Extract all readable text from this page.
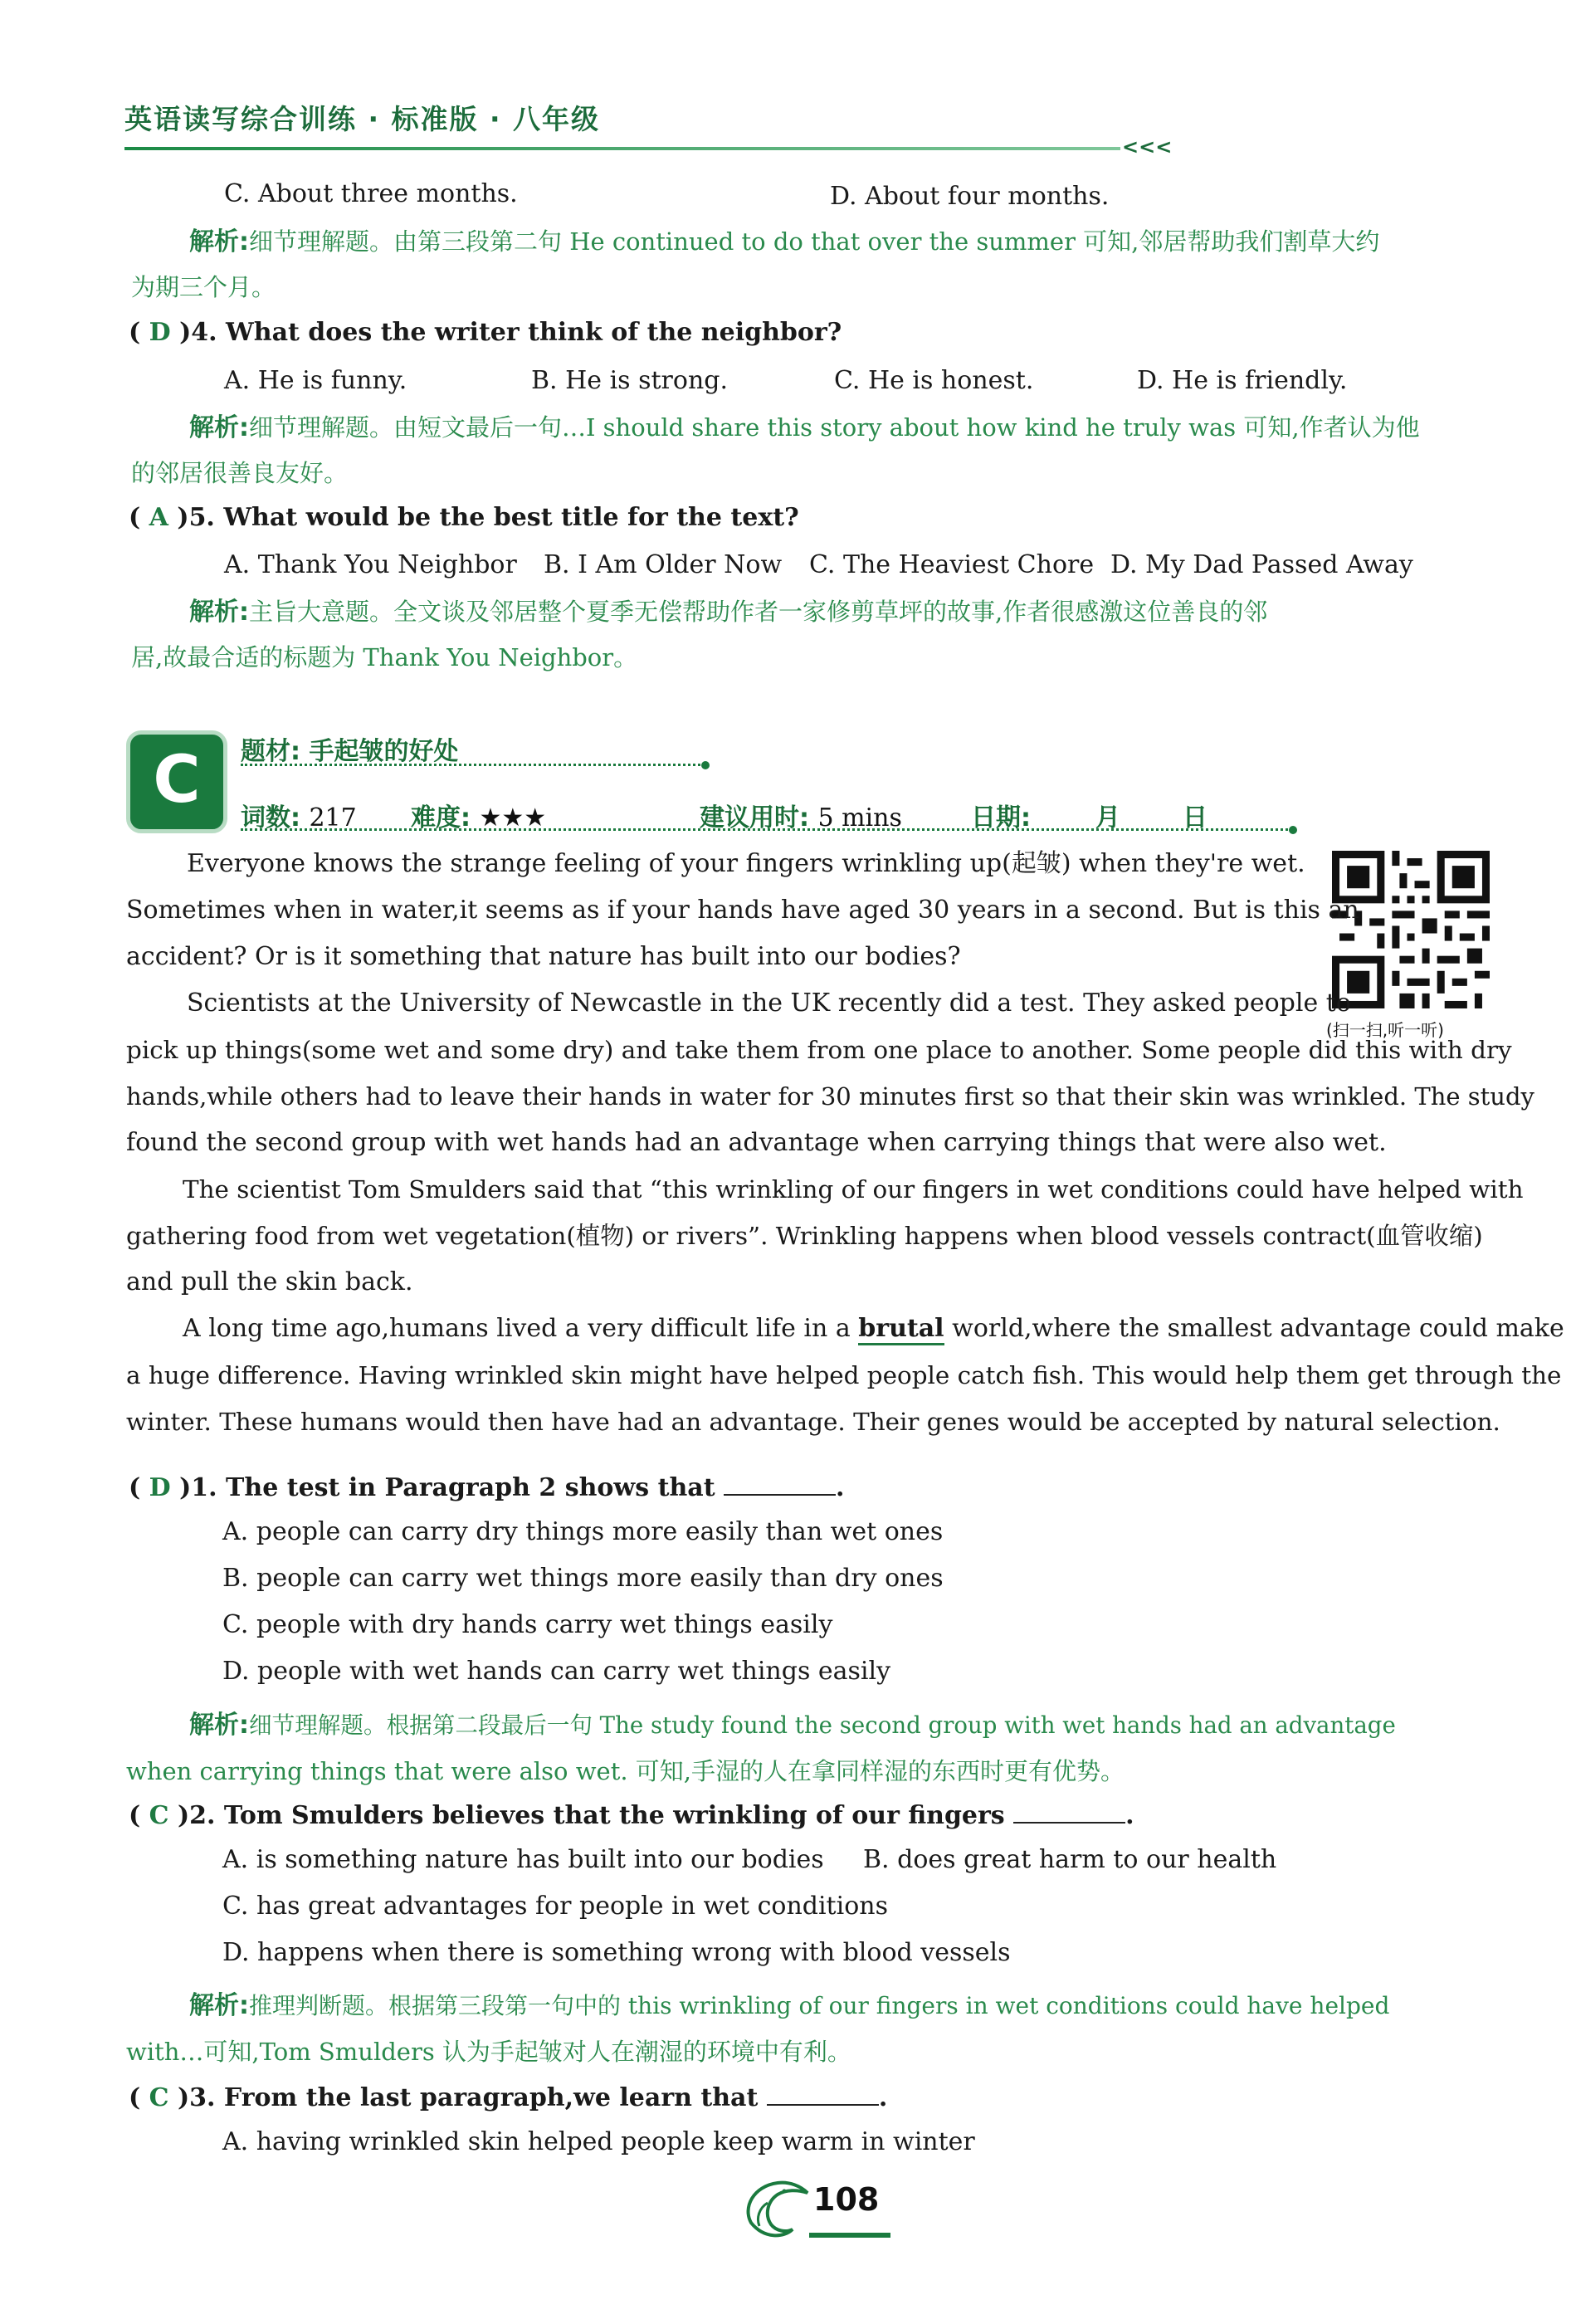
英语读写综合训练 · 标准版 · 八年级
<<<
C. About three months.	D. About four months.
解析:细节理解题。由第三段第二句 He continued to do that over the summer 可知,邻居帮助我们割草大约
为期三个月。
( D )4. What does the writer think of the neighbor?
A. He is funny.	B. He is strong.	C. He is honest.	D. He is friendly.
解析:细节理解题。由短文最后一句…I should share this story about how kind he truly was 可知,作者认为他
的邻居很善良友好。
( A )5. What would be the best title for the text?
A. Thank You Neighbor B. I Am Older Now C. The Heaviest Chore D. My Dad Passed Away
解析:主旨大意题。全文谈及邻居整个夏季无偿帮助作者一家修剪草坪的故事,作者很感激这位善良的邻
居,故最合适的标题为 Thank You Neighbor。
C	题材: 手起皱的好处
词数: 217 难度: ★★★	建议用时: 5 mins	日期:	月	日
(扫一扫,听一听)
Everyone knows the strange feeling of your fingers wrinkling up(起皱) when they're wet.
Sometimes when in water,it seems as if your hands have aged 30 years in a second. But is this an
accident? Or is it something that nature has built into our bodies?
Scientists at the University of Newcastle in the UK recently did a test. They asked people to
pick up things(some wet and some dry) and take them from one place to another. Some people did this with dry
hands,while others had to leave their hands in water for 30 minutes first so that their skin was wrinkled. The study
found the second group with wet hands had an advantage when carrying things that were also wet.
The scientist Tom Smulders said that “this wrinkling of our fingers in wet conditions could have helped with
gathering food from wet vegetation(植物) or rivers”. Wrinkling happens when blood vessels contract(血管收缩)
and pull the skin back.
A long time ago,humans lived a very difficult life in a brutal world,where the smallest advantage could make
a huge difference. Having wrinkled skin might have helped people catch fish. This would help them get through the
winter. These humans would then have had an advantage. Their genes would be accepted by natural selection.
( D )1. The test in Paragraph 2 shows that	.
A. people can carry dry things more easily than wet ones
B. people can carry wet things more easily than dry ones
C. people with dry hands carry wet things easily
D. people with wet hands can carry wet things easily
解析:细节理解题。根据第二段最后一句 The study found the second group with wet hands had an advantage
when carrying things that were also wet. 可知,手湿的人在拿同样湿的东西时更有优势。
( C )2. Tom Smulders believes that the wrinkling of our fingers	.
A. is something nature has built into our bodies B. does great harm to our health
C. has great advantages for people in wet conditions
D. happens when there is something wrong with blood vessels
解析:推理判断题。根据第三段第一句中的 this wrinkling of our fingers in wet conditions could have helped
with…可知,Tom Smulders 认为手起皱对人在潮湿的环境中有利。
( C )3. From the last paragraph,we learn that	.
A. having wrinkled skin helped people keep warm in winter
108
